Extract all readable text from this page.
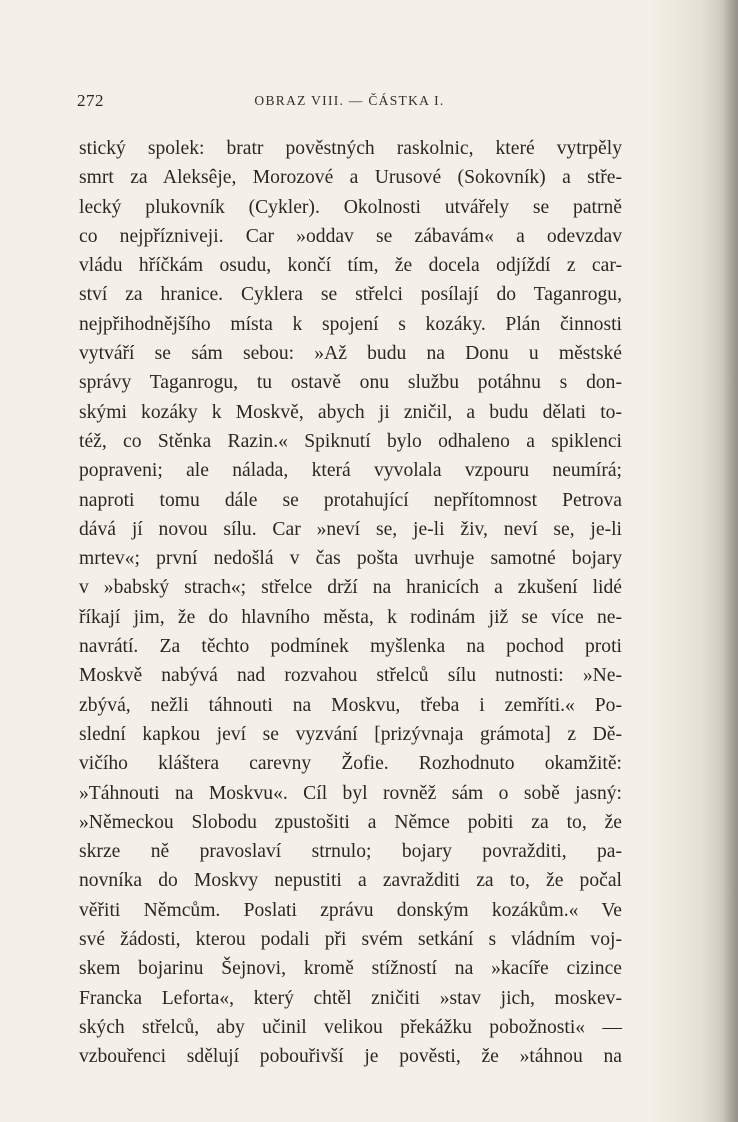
272	OBRAZ VIII. — ČÁSTKA I.
stický spolek: bratr pověstných raskolnic, které vytrpěly
smrt za Aleksêje, Morozové a Urusové (Sokovník) a stře-
lecký plukovník (Cykler). Okolnosti utvářely se patrně
co nejpřízniveji. Car »oddav se zábavám« a odevzdav
vládu hříčkám osudu, končí tím, že docela odjíždí z car-
ství za hranice. Cyklera se střelci posílají do Taganrogu,
nejpřihodnějšího místa k spojení s kozáky. Plán činnosti
vytváří se sám sebou: »Až budu na Donu u městské
správy Taganrogu, tu ostavě onu službu potáhnu s don-
skými kozáky k Moskvě, abych ji zničil, a budu dělati to-
též, co Stěnka Razin.« Spiknutí bylo odhaleno a spiklenci
popraveni; ale nálada, která vyvolala vzpouru neumírá;
naproti tomu dále se protahující nepřítomnost Petrova
dává jí novou sílu. Car »neví se, je-li živ, neví se, je-li
mrtev«; první nedošlá v čas pošta uvrhuje samotné bojary
v »babský strach«; střelce drží na hranicích a zkušení lidé
říkají jim, že do hlavního města, k rodinám již se více ne-
navrátí. Za těchto podmínek myšlenka na pochod proti
Moskvě nabývá nad rozvahou střelců sílu nutnosti: »Ne-
zbývá, nežli táhnouti na Moskvu, třeba i zemříti.« Po-
slední kapkou jeví se vyzvání [prizývnaja grámota] z Dě-
vičího kláštera carevny Žofie. Rozhodnuto okamžitě:
»Táhnouti na Moskvu«. Cíl byl rovněž sám o sobě jasný:
»Německou Slobodu zpustošiti a Němce pobiti za to, že
skrze ně pravoslaví strnulo; bojary povražditi, pa-
novníka do Moskvy nepustiti a zavražditi za to, že počal
věřiti Němcům. Poslati zprávu donským kozákům.« Ve
své žádosti, kterou podali při svém setkání s vládním voj-
skem bojarinu Šejnovi, kromě stížností na »kacíře cizince
Francka Leforta«, který chtěl zničiti »stav jich, moskev-
ských střelců, aby učinil velikou překážku pobožnosti« —
vzbouřenci sdělují pobouřivší je pověsti, že »táhnou na
